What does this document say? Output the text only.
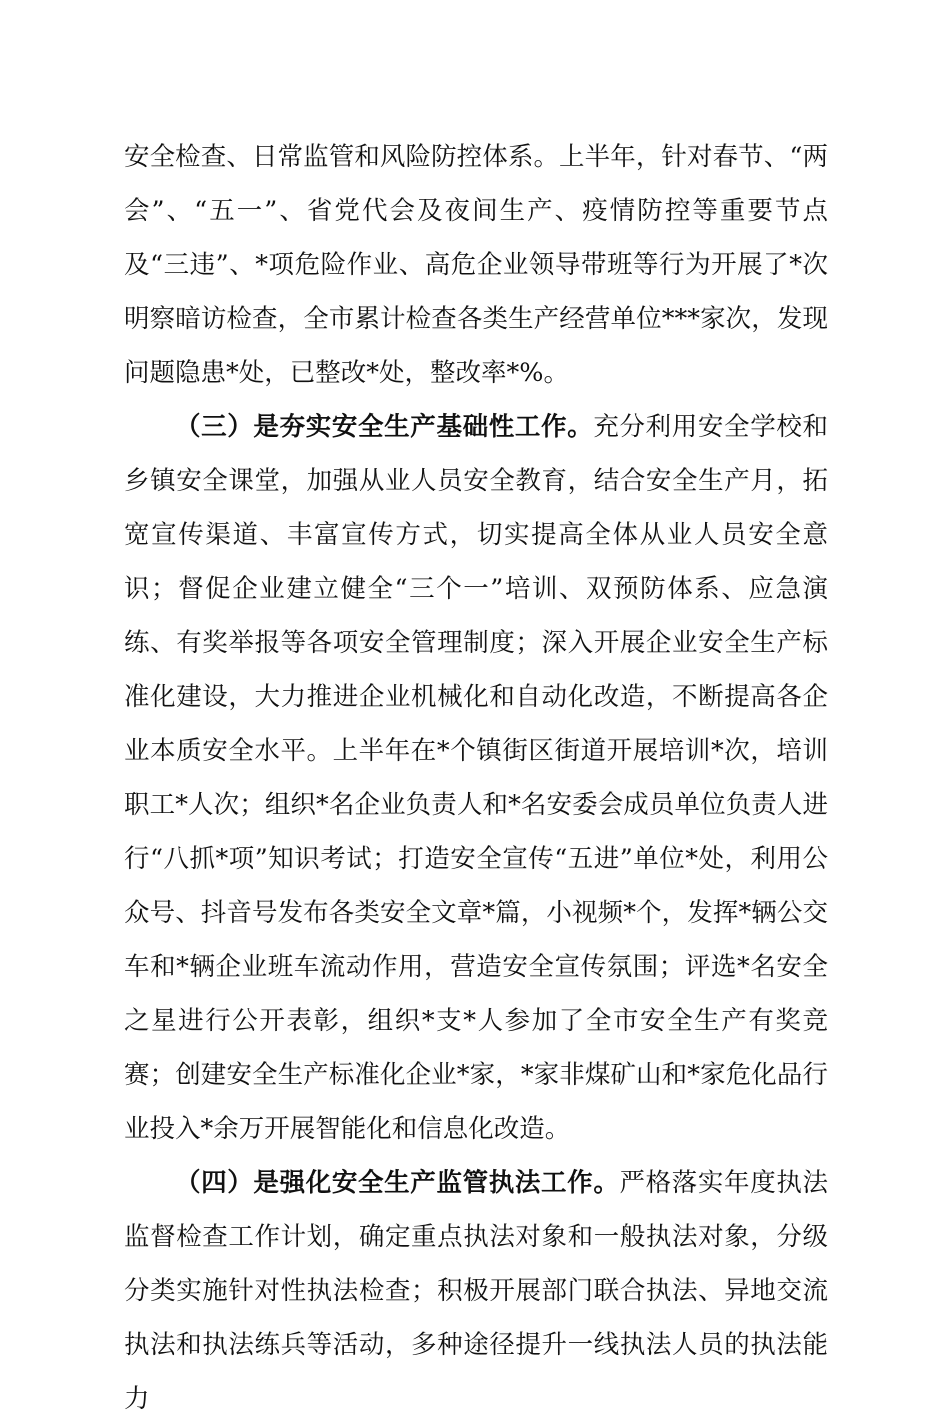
安全检查、日常监管和风险防控体系。上半年，针对春节、“两会”、“五一”、省党代会及夜间生产、疫情防控等重要节点及“三违”、*项危险作业、高危企业领导带班等行为开展了*次明察暗访检查，全市累计检查各类生产经营单位***家次，发现问题隐患*处，已整改*处，整改率*%。

（三）是夯实安全生产基础性工作。充分利用安全学校和乡镇安全课堂，加强从业人员安全教育，结合安全生产月，拓宽宣传渠道、丰富宣传方式，切实提高全体从业人员安全意识；督促企业建立健全“三个一”培训、双预防体系、应急演练、有奖举报等各项安全管理制度；深入开展企业安全生产标准化建设，大力推进企业机械化和自动化改造，不断提高各企业本质安全水平。上半年在*个镇街区街道开展培训*次，培训职工*人次；组织*名企业负责人和*名安委会成员单位负责人进行“八抓*项”知识考试；打造安全宣传“五进”单位*处，利用公众号、抖音号发布各类安全文章*篇，小视频*个，发挥*辆公交车和*辆企业班车流动作用，营造安全宣传氛围；评选*名安全之星进行公开表彰，组织*支*人参加了全市安全生产有奖竞赛；创建安全生产标准化企业*家，*家非煤矿山和*家危化品行业投入*余万开展智能化和信息化改造。

（四）是强化安全生产监管执法工作。严格落实年度执法监督检查工作计划，确定重点执法对象和一般执法对象，分级分类实施针对性执法检查；积极开展部门联合执法、异地交流执法和执法练兵等活动，多种途径提升一线执法人员的执法能力
